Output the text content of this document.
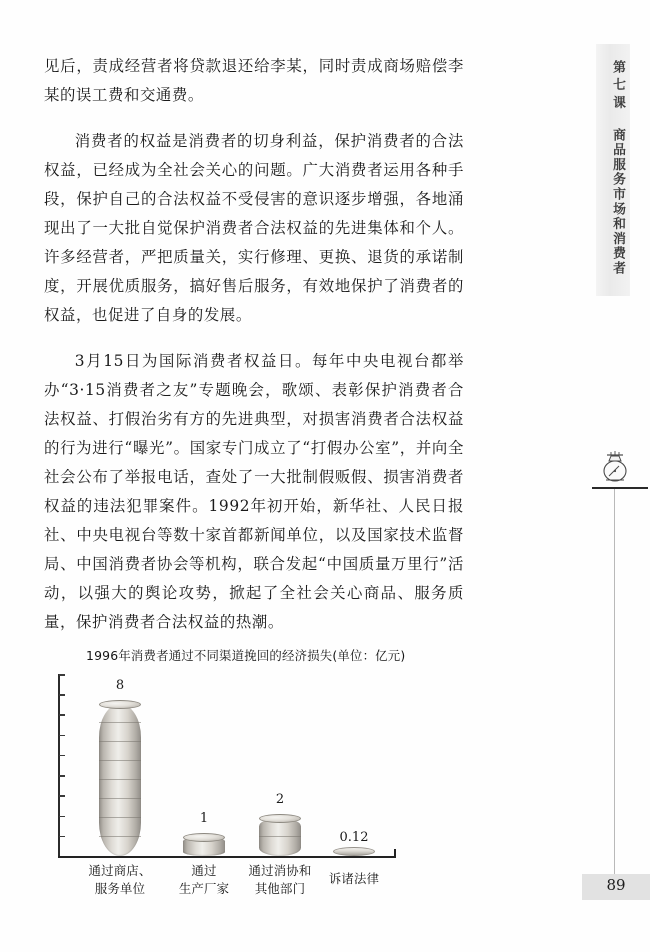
见后，责成经营者将贷款退还给李某，同时责成商场赔偿李某的误工费和交通费。

消费者的权益是消费者的切身利益，保护消费者的合法权益，已经成为全社会关心的问题。广大消费者运用各种手段，保护自己的合法权益不受侵害的意识逐步增强，各地涌现出了一大批自觉保护消费者合法权益的先进集体和个人。许多经营者，严把质量关，实行修理、更换、退货的承诺制度，开展优质服务，搞好售后服务，有效地保护了消费者的权益，也促进了自身的发展。

3月15日为国际消费者权益日。每年中央电视台都举办“3·15消费者之友”专题晚会，歌颂、表彰保护消费者合法权益、打假治劣有方的先进典型，对损害消费者合法权益的行为进行“曝光”。国家专门成立了“打假办公室”，并向全社会公布了举报电话，查处了一大批制假贩假、损害消费者权益的违法犯罪案件。1992年初开始，新华社、人民日报社、中央电视台等数十家首都新闻单位，以及国家技术监督局、中国消费者协会等机构，联合发起“中国质量万里行”活动，以强大的舆论攻势，掀起了全社会关心商品、服务质量，保护消费者合法权益的热潮。

1996年消费者通过不同渠道挽回的经济损失(单位：亿元)
8
1
2
0.12
通过商店、
服务单位
通过
生产厂家
通过消协和
其他部门
诉诸法律
第七课
商品服务市场和消费者
89
